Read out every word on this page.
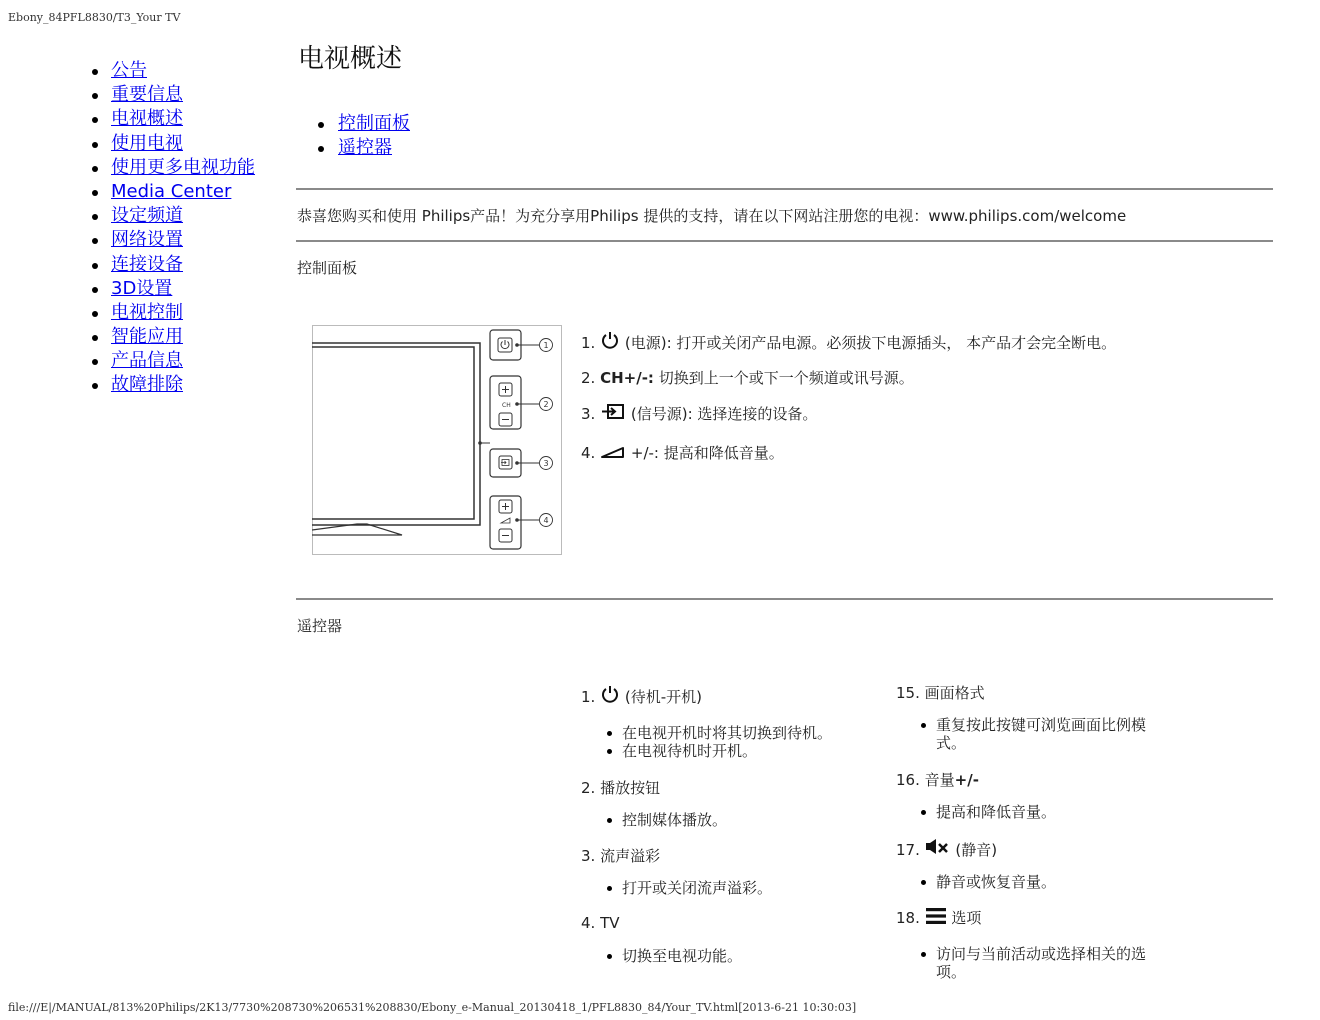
Ebony_84PFL8830/T3_Your TV
公告
重要信息
电视概述
使用电视
使用更多电视功能
Media Center
设定频道
网络设置
连接设备
3D设置
电视控制
智能应用
产品信息
故障排除
电视概述
控制面板
遥控器
恭喜您购买和使用 Philips产品！为充分享用Philips 提供的支持，请在以下网站注册您的电视：www.philips.com/welcome
控制面板
CH
1
2
3
4
1. (电源): 打开或关闭产品电源。必须拔下电源插头， 本产品才会完全断电。
2. CH+/-: 切换到上一个或下一个频道或讯号源。
3. (信号源): 选择连接的设备。
4. +/-: 提高和降低音量。
遥控器
1. (待机-开机)
在电视开机时将其切换到待机。
在电视待机时开机。
2. 播放按钮
控制媒体播放。
3. 流声溢彩
打开或关闭流声溢彩。
4. TV
切换至电视功能。
15. 画面格式
重复按此按键可浏览画面比例模式。
16. 音量+/-
提高和降低音量。
17. (静音)
静音或恢复音量。
18. 选项
访问与当前活动或选择相关的选项。
file:///E|/MANUAL/813%20Philips/2K13/7730%208730%206531%208830/Ebony_e-Manual_20130418_1/PFL8830_84/Your_TV.html[2013-6-21 10:30:03]
